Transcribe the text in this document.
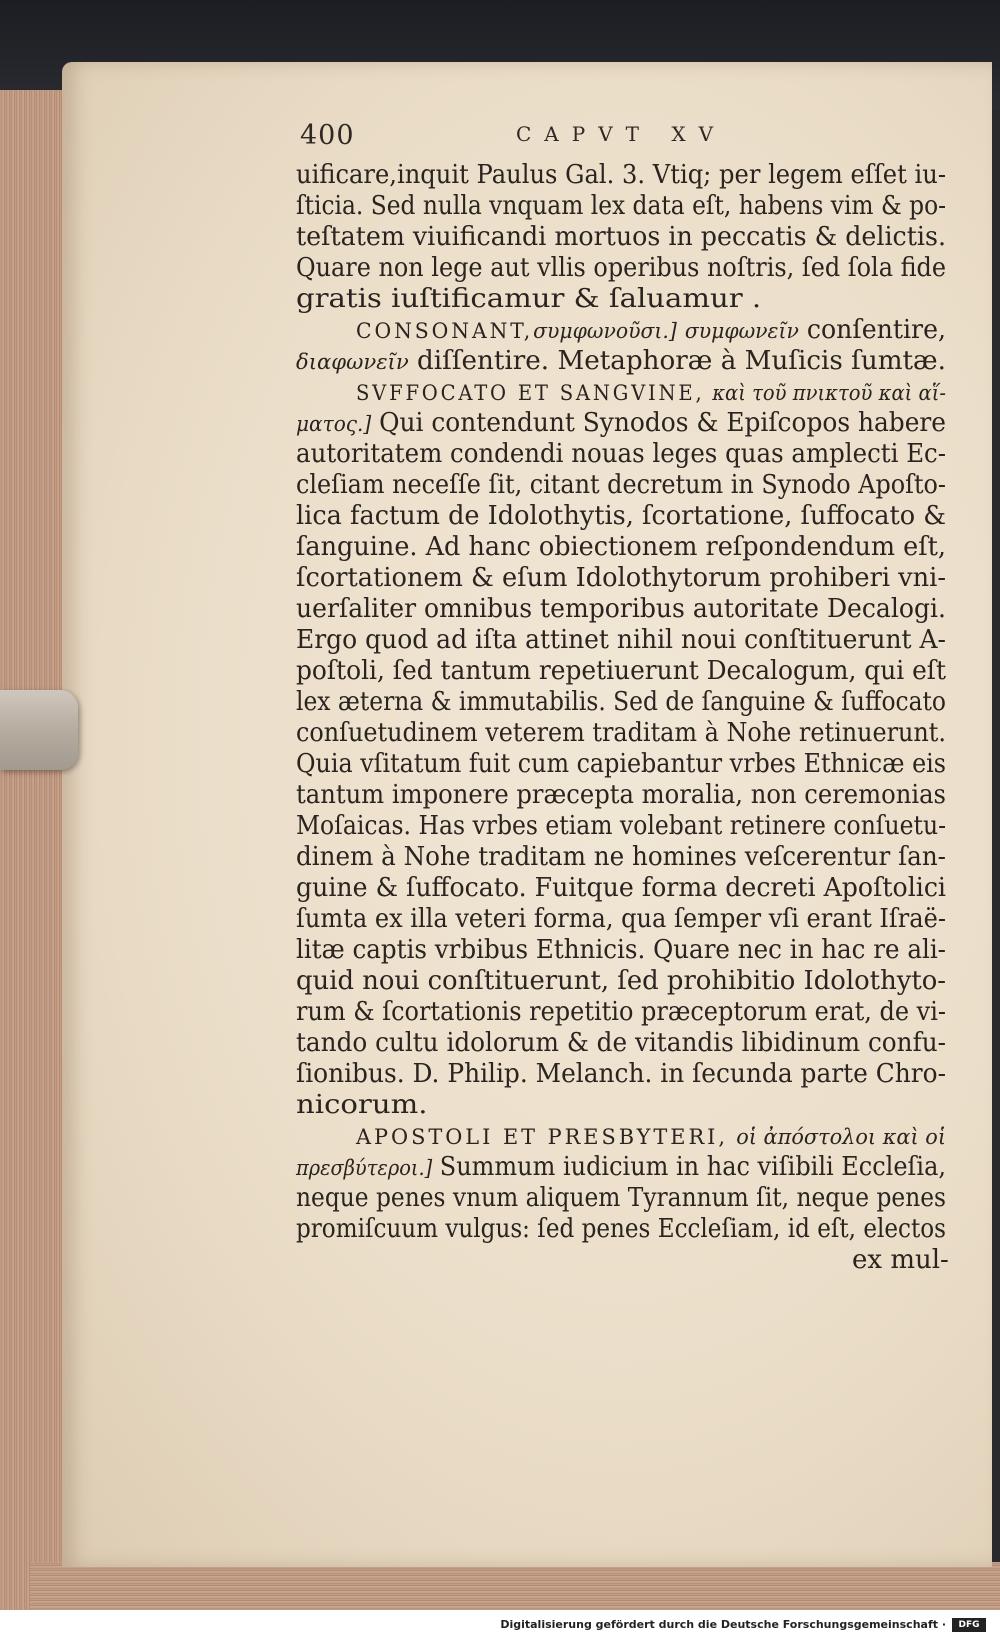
400	CAPVT XV
uificare,inquit Paulus Gal. 3. Vtiq; per legem eſſet iu-
ſticia. Sed nulla vnquam lex data eſt, habens vim & po-
teſtatem viuificandi mortuos in peccatis & delictis.
Quare non lege aut vllis operibus noſtris, ſed ſola fide
gratis iuſtificamur & ſaluamur .
CONSONANT,συμφωνοῦσι.] συμφωνεῖν conſentire,
διαφωνεῖν diſſentire. Metaphoræ à Muſicis ſumtæ.
SVFFOCATO ET SANGVINE, καὶ τοῦ πνικτοῦ καὶ αἵ-
ματος.] Qui contendunt Synodos & Epiſcopos habere
autoritatem condendi nouas leges quas amplecti Ec-
cleſiam neceſſe ſit, citant decretum in Synodo Apoſto-
lica factum de Idolothytis, ſcortatione, ſuffocato &
ſanguine. Ad hanc obiectionem reſpondendum eſt,
ſcortationem & eſum Idolothytorum prohiberi vni-
uerſaliter omnibus temporibus autoritate Decalogi.
Ergo quod ad iſta attinet nihil noui conſtituerunt A-
poſtoli, ſed tantum repetiuerunt Decalogum, qui eſt
lex æterna & immutabilis. Sed de ſanguine & ſuffocato
conſuetudinem veterem traditam à Nohe retinuerunt.
Quia vſitatum fuit cum capiebantur vrbes Ethnicæ eis
tantum imponere præcepta moralia, non ceremonias
Moſaicas. Has vrbes etiam volebant retinere conſuetu-
dinem à Nohe traditam ne homines veſcerentur ſan-
guine & ſuffocato. Fuitque forma decreti Apoſtolici
ſumta ex illa veteri forma, qua ſemper vſi erant Iſraë-
litæ captis vrbibus Ethnicis. Quare nec in hac re ali-
quid noui conſtituerunt, ſed prohibitio Idolothyto-
rum & ſcortationis repetitio præceptorum erat, de vi-
tando cultu idolorum & de vitandis libidinum confu-
ſionibus. D. Philip. Melanch. in ſecunda parte Chro-
nicorum.
APOSTOLI ET PRESBYTERI, οἱ ἀπόστολοι καὶ οἱ
πρεσβύτεροι.] Summum iudicium in hac viſibili Eccleſia,
neque penes vnum aliquem Tyrannum ſit, neque penes
promiſcuum vulgus: ſed penes Eccleſiam, id eſt, electos
ex mul-
Digitalisierung gefördert durch die Deutsche Forschungsgemeinschaft ·	DFG
